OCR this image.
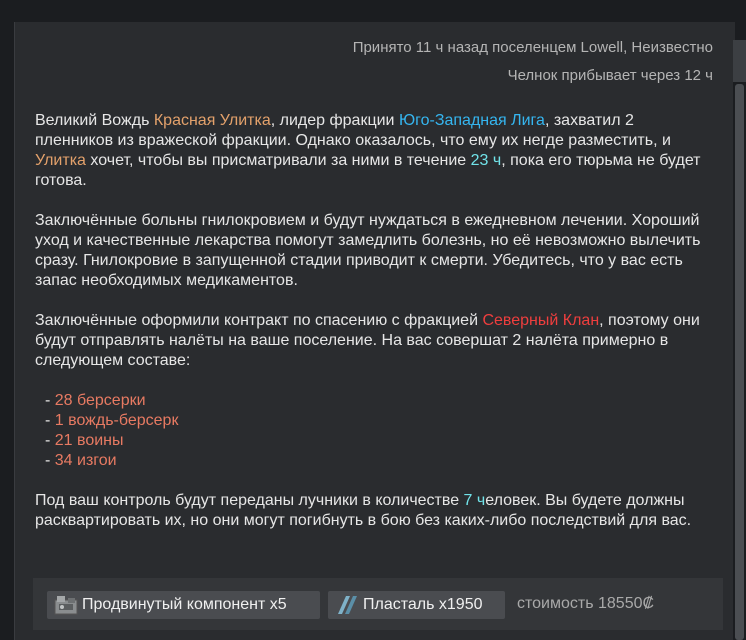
Принято 11 ч назад поселенцем Lowell, Неизвестно
Челнок прибывает через 12 ч

Великий Вождь Красная Улитка, лидер фракции Юго-Западная Лига, захватил 2 пленников из вражеской фракции. Однако оказалось, что ему их негде разместить, и Улитка хочет, чтобы вы присматривали за ними в течение 23 ч, пока его тюрьма не будет готова.

Заключённые больны гнилокровием и будут нуждаться в ежедневном лечении. Хороший уход и качественные лекарства помогут замедлить болезнь, но её невозможно вылечить сразу. Гнилокровие в запущенной стадии приводит к смерти. Убедитесь, что у вас есть запас необходимых медикаментов.

Заключённые оформили контракт по спасению с фракцией Северный Клан, поэтому они будут отправлять налёты на ваше поселение. На вас совершат 2 налёта примерно в следующем составе:

- 28 берсерки
- 1 вождь-берсерк
- 21 воины
- 34 изгои

Под ваш контроль будут переданы лучники в количестве 7 человек. Вы будете должны расквартировать их, но они могут погибнуть в бою без каких-либо последствий для вас.

Продвинутый компонент x5	Пласталь x1950 стоимость 18550₡
